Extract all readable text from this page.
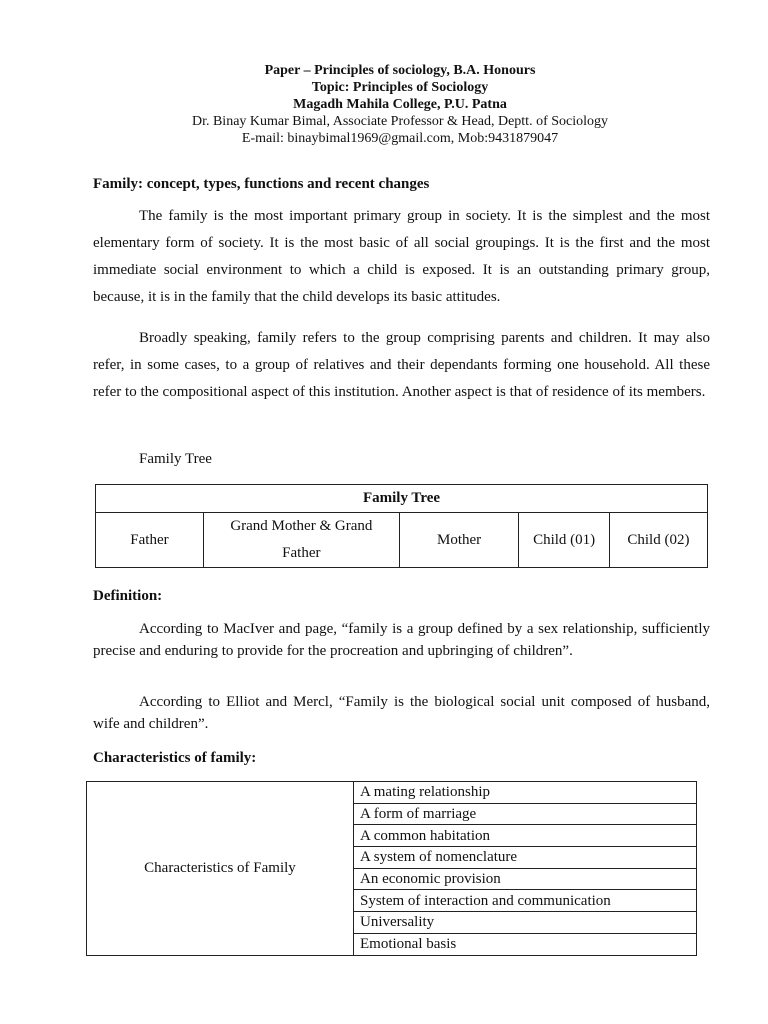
Paper – Principles of sociology, B.A. Honours
Topic: Principles of Sociology
Magadh Mahila College, P.U. Patna
Dr. Binay Kumar Bimal, Associate Professor & Head, Deptt. of Sociology
E-mail: binaybimal1969@gmail.com, Mob:9431879047
Family: concept, types, functions and recent changes

The family is the most important primary group in society. It is the simplest and the most elementary form of society. It is the most basic of all social groupings. It is the first and the most immediate social environment to which a child is exposed. It is an outstanding primary group, because, it is in the family that the child develops its basic attitudes.

Broadly speaking, family refers to the group comprising parents and children. It may also refer, in some cases, to a group of relatives and their dependants forming one household. All these refer to the compositional aspect of this institution. Another aspect is that of residence of its members.

Family Tree
Family Tree
Father	Grand Mother & Grand Father	Mother	Child (01)	Child (02)
Definition:

According to MacIver and page, “family is a group defined by a sex relationship, sufficiently precise and enduring to provide for the procreation and upbringing of children”.

According to Elliot and Mercl, “Family is the biological social unit composed of husband, wife and children”.

Characteristics of family:
Characteristics of Family	A mating relationship
A form of marriage
A common habitation
A system of nomenclature
An economic provision
System of interaction and communication
Universality
Emotional basis
